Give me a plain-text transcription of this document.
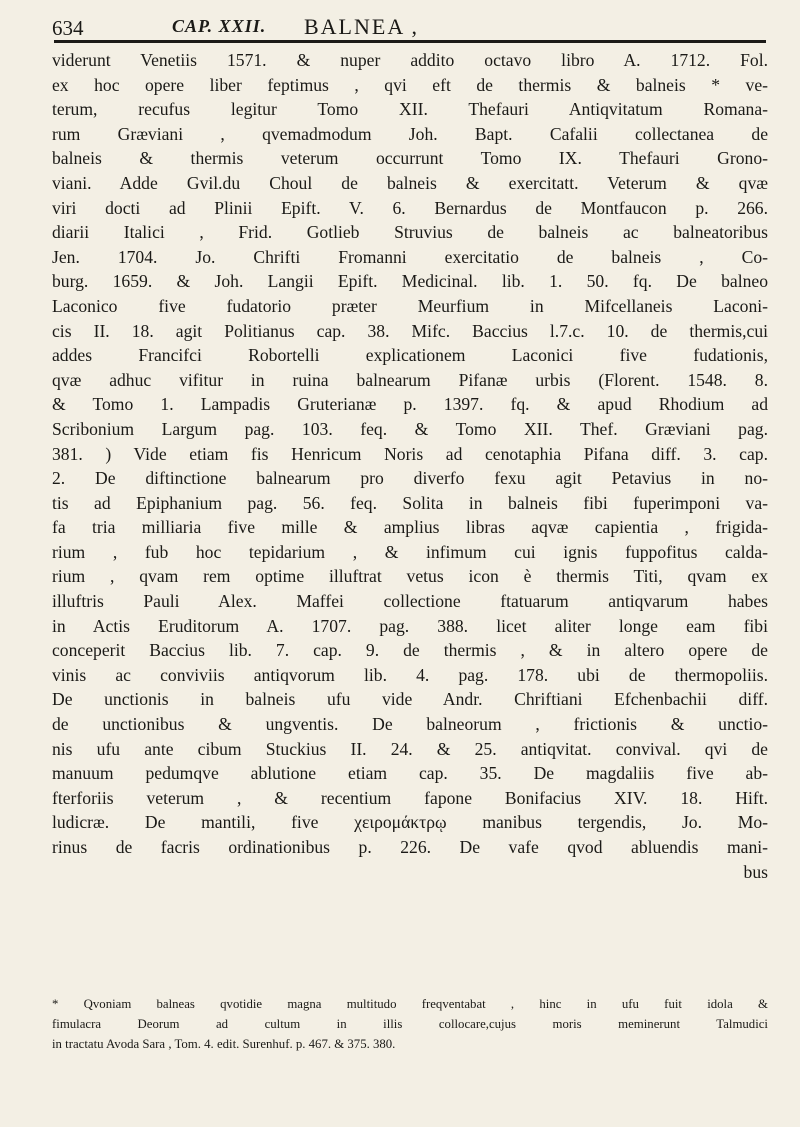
634	CAP. XXII. BALNEA ,
viderunt Venetiis 1571. & nuper addito octavo libro A. 1712. Fol.
ex hoc opere liber feptimus , qvi eft de thermis & balneis * ve-
terum, recufus legitur Tomo XII. Thefauri Antiqvitatum Romana-
rum Græviani , qvemadmodum Joh. Bapt. Cafalii collectanea de
balneis & thermis veterum occurrunt Tomo IX. Thefauri Grono-
viani. Adde Gvil.du Choul de balneis & exercitatt. Veterum & qvæ
viri docti ad Plinii Epift. V. 6. Bernardus de Montfaucon p. 266.
diarii Italici , Frid. Gotlieb Struvius de balneis ac balneatoribus
Jen. 1704. Jo. Chrifti Fromanni exercitatio de balneis , Co-
burg. 1659. & Joh. Langii Epift. Medicinal. lib. 1. 50. fq. De balneo
Laconico five fudatorio præter Meurfium in Mifcellaneis Laconi-
cis II. 18. agit Politianus cap. 38. Mifc. Baccius l.7.c. 10. de thermis,cui
addes Francifci Robortelli explicationem Laconici five fudationis,
qvæ adhuc vifitur in ruina balnearum Pifanæ urbis (Florent. 1548. 8.
& Tomo 1. Lampadis Gruterianæ p. 1397. fq. & apud Rhodium ad
Scribonium Largum pag. 103. feq. & Tomo XII. Thef. Græviani pag.
381. ) Vide etiam fis Henricum Noris ad cenotaphia Pifana diff. 3. cap.
2. De diftinctione balnearum pro diverfo fexu agit Petavius in no-
tis ad Epiphanium pag. 56. feq. Solita in balneis fibi fuperimponi va-
fa tria milliaria five mille & amplius libras aqvæ capientia , frigida-
rium , fub hoc tepidarium , & infimum cui ignis fuppofitus calda-
rium , qvam rem optime illuftrat vetus icon è thermis Titi, qvam ex
illuftris Pauli Alex. Maffei collectione ftatuarum antiqvarum habes
in Actis Eruditorum A. 1707. pag. 388. licet aliter longe eam fibi
conceperit Baccius lib. 7. cap. 9. de thermis , & in altero opere de
vinis ac conviviis antiqvorum lib. 4. pag. 178. ubi de thermopoliis.
De unctionis in balneis ufu vide Andr. Chriftiani Efchenbachii diff.
de unctionibus & ungventis. De balneorum , frictionis & unctio-
nis ufu ante cibum Stuckius II. 24. & 25. antiqvitat. convival. qvi de
manuum pedumqve ablutione etiam cap. 35. De magdaliis five ab-
fterforiis veterum , & recentium fapone Bonifacius XIV. 18. Hift.
ludicræ. De mantili, five χειρομάκτρῳ manibus tergendis, Jo. Mo-
rinus de facris ordinationibus p. 226. De vafe qvod abluendis mani-
bus
* Qvoniam balneas qvotidie magna multitudo freqventabat , hinc in ufu fuit idola &
fimulacra Deorum ad cultum in illis collocare,cujus moris meminerunt Talmudici
in tractatu Avoda Sara , Tom. 4. edit. Surenhuf. p. 467. & 375. 380.
